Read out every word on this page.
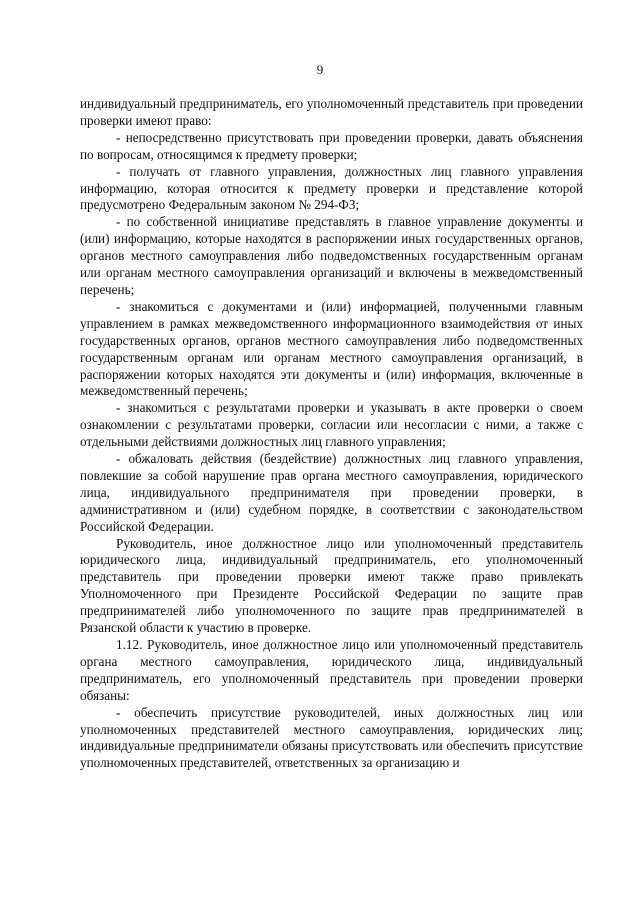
9

индивидуальный предприниматель, его уполномоченный представитель при проведении проверки имеют право:

- непосредственно присутствовать при проведении проверки, давать объяснения по вопросам, относящимся к предмету проверки;

- получать от главного управления, должностных лиц главного управления информацию, которая относится к предмету проверки и представление которой предусмотрено Федеральным законом № 294-ФЗ;

- по собственной инициативе представлять в главное управление документы и (или) информацию, которые находятся в распоряжении иных государственных органов, органов местного самоуправления либо подведомственных государственным органам или органам местного самоуправления организаций и включены в межведомственный перечень;

- знакомиться с документами и (или) информацией, полученными главным управлением в рамках межведомственного информационного взаимодействия от иных государственных органов, органов местного самоуправления либо подведомственных государственным органам или органам местного самоуправления организаций, в распоряжении которых находятся эти документы и (или) информация, включенные в межведомственный перечень;

- знакомиться с результатами проверки и указывать в акте проверки о своем ознакомлении с результатами проверки, согласии или несогласии с ними, а также с отдельными действиями должностных лиц главного управления;

- обжаловать действия (бездействие) должностных лиц главного управления, повлекшие за собой нарушение прав органа местного самоуправления, юридического лица, индивидуального предпринимателя при проведении проверки, в административном и (или) судебном порядке, в соответствии с законодательством Российской Федерации.

Руководитель, иное должностное лицо или уполномоченный представитель юридического лица, индивидуальный предприниматель, его уполномоченный представитель при проведении проверки имеют также право привлекать Уполномоченного при Президенте Российской Федерации по защите прав предпринимателей либо уполномоченного по защите прав предпринимателей в Рязанской области к участию в проверке.

1.12. Руководитель, иное должностное лицо или уполномоченный представитель органа местного самоуправления, юридического лица, индивидуальный предприниматель, его уполномоченный представитель при проведении проверки обязаны:

- обеспечить присутствие руководителей, иных должностных лиц или уполномоченных представителей местного самоуправления, юридических лиц; индивидуальные предприниматели обязаны присутствовать или обеспечить присутствие уполномоченных представителей, ответственных за организацию и
